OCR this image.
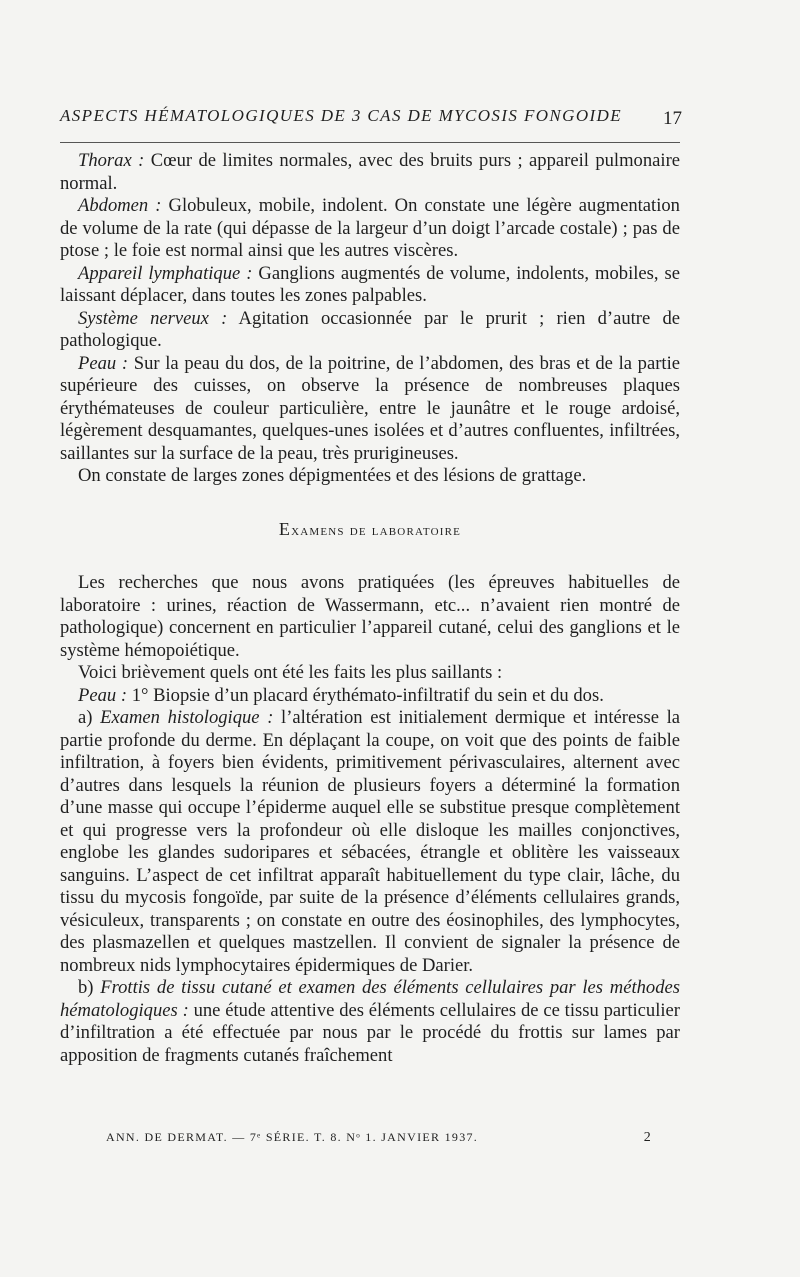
ASPECTS HÉMATOLOGIQUES DE 3 CAS DE MYCOSIS FONGOIDE	17

Thorax : Cœur de limites normales, avec des bruits purs ; appareil pulmonaire normal.

Abdomen : Globuleux, mobile, indolent. On constate une légère augmentation de volume de la rate (qui dépasse de la largeur d’un doigt l’arcade costale) ; pas de ptose ; le foie est normal ainsi que les autres viscères.

Appareil lymphatique : Ganglions augmentés de volume, indolents, mobiles, se laissant déplacer, dans toutes les zones palpables.

Système nerveux : Agitation occasionnée par le prurit ; rien d’autre de pathologique.

Peau : Sur la peau du dos, de la poitrine, de l’abdomen, des bras et de la partie supérieure des cuisses, on observe la présence de nombreuses plaques érythémateuses de couleur particulière, entre le jaunâtre et le rouge ardoisé, légèrement desquamantes, quelques-unes isolées et d’autres confluentes, infiltrées, saillantes sur la surface de la peau, très prurigineuses.

On constate de larges zones dépigmentées et des lésions de grattage.

Examens de laboratoire

Les recherches que nous avons pratiquées (les épreuves habituelles de laboratoire : urines, réaction de Wassermann, etc... n’avaient rien montré de pathologique) concernent en particulier l’appareil cutané, celui des ganglions et le système hémopoiétique.

Voici brièvement quels ont été les faits les plus saillants :

Peau : 1° Biopsie d’un placard érythémato-infiltratif du sein et du dos.

a) Examen histologique : l’altération est initialement dermique et intéresse la partie profonde du derme. En déplaçant la coupe, on voit que des points de faible infiltration, à foyers bien évidents, primitivement périvasculaires, alternent avec d’autres dans lesquels la réunion de plusieurs foyers a déterminé la formation d’une masse qui occupe l’épiderme auquel elle se substitue presque complètement et qui progresse vers la profondeur où elle disloque les mailles conjonctives, englobe les glandes sudoripares et sébacées, étrangle et oblitère les vaisseaux sanguins. L’aspect de cet infiltrat apparaît habituellement du type clair, lâche, du tissu du mycosis fongoïde, par suite de la présence d’éléments cellulaires grands, vésiculeux, transparents ; on constate en outre des éosinophiles, des lymphocytes, des plasmazellen et quelques mastzellen. Il convient de signaler la présence de nombreux nids lymphocytaires épidermiques de Darier.

b) Frottis de tissu cutané et examen des éléments cellulaires par les méthodes hématologiques : une étude attentive des éléments cellulaires de ce tissu particulier d’infiltration a été effectuée par nous par le procédé du frottis sur lames par apposition de fragments cutanés fraîchement

ANN. DE DERMAT. — 7ᵉ SÉRIE. T. 8. Nᵒ 1. JANVIER 1937.	2
